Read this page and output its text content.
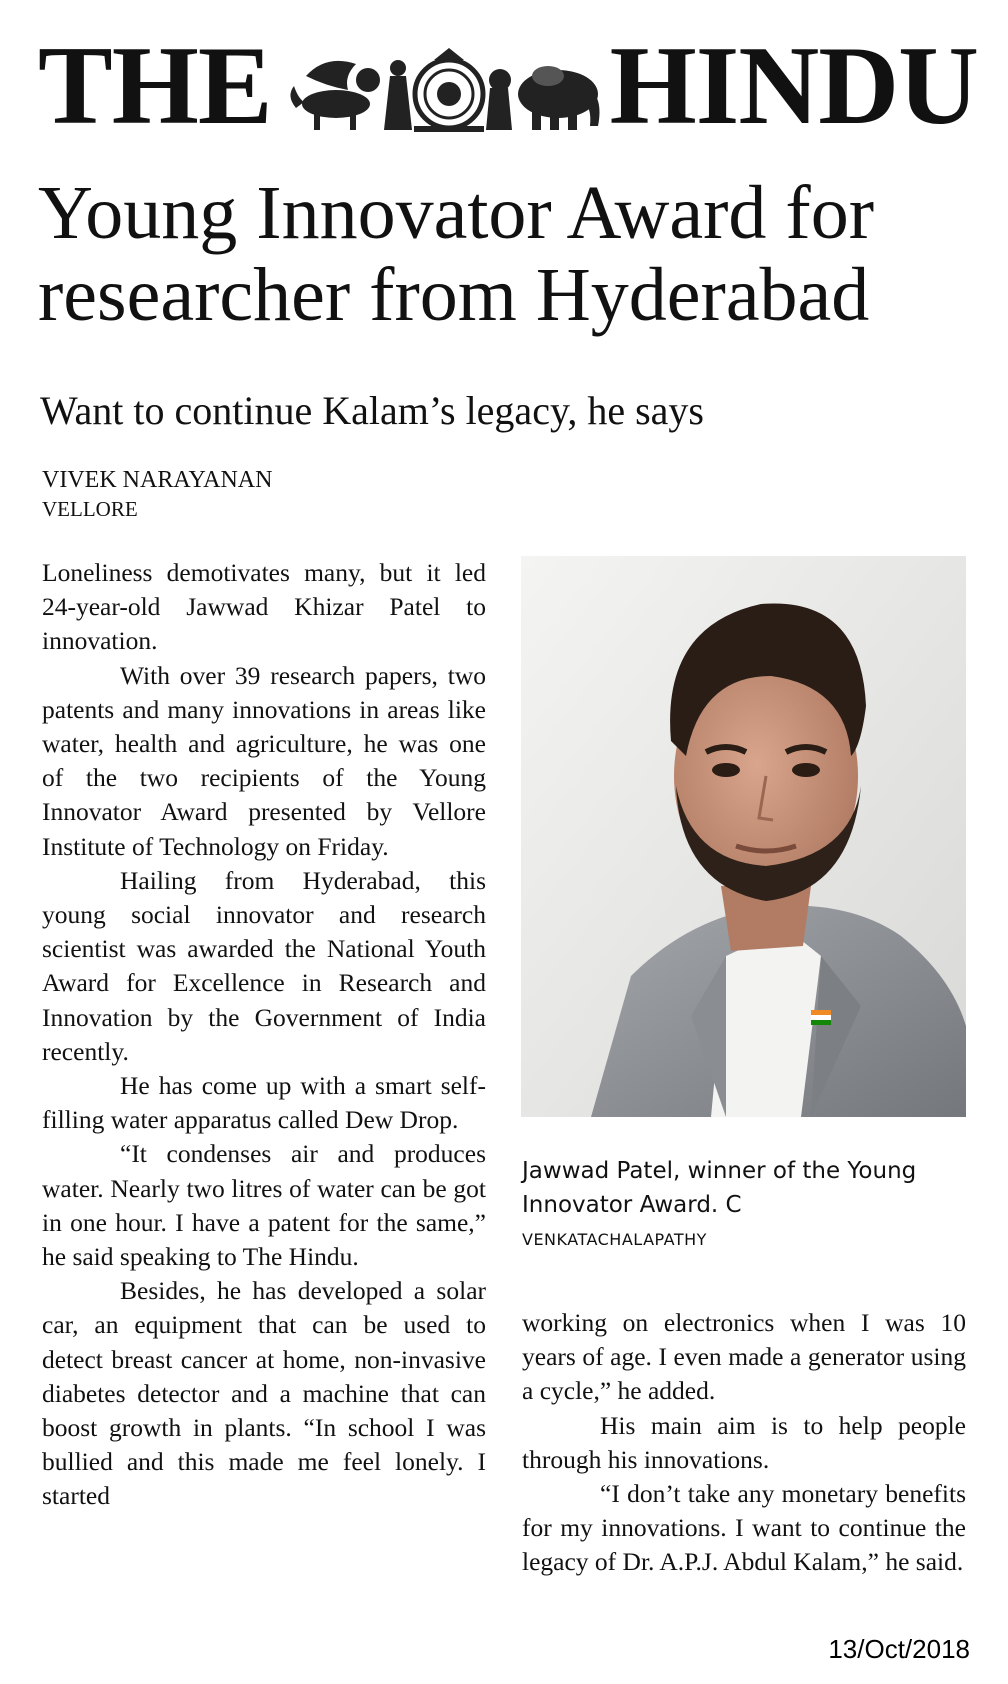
THE	HINDU
Young Innovator Award for researcher from Hyderabad
Want to continue Kalam’s legacy, he says
VIVEK NARAYANAN
VELLORE

Loneliness demotivates many, but it led 24-year-old Jawwad Khizar Patel to innovation.

With over 39 research papers, two patents and many innovations in areas like water, health and agriculture, he was one of the two recipients of the Young Innovator Award presented by Vellore Institute of Technology on Friday.

Hailing from Hyderabad, this young social innovator and research scientist was awarded the National Youth Award for Excellence in Research and Innovation by the Government of India recently.

He has come up with a smart self-filling water apparatus called Dew Drop.

“It condenses air and produces water. Nearly two litres of water can be got in one hour. I have a patent for the same,” he said speaking to The Hindu.

Besides, he has developed a solar car, an equipment that can be used to detect breast cancer at home, non-invasive diabetes detector and a machine that can boost growth in plants. “In school I was bullied and this made me feel lonely. I started

Jawwad Patel, winner of the Young Innovator Award. C
VENKATACHALAPATHY

working on electronics when I was 10 years of age. I even made a generator using a cycle,” he added.

His main aim is to help people through his innovations.

“I don’t take any monetary benefits for my innovations. I want to continue the legacy of Dr. A.P.J. Abdul Kalam,” he said.

13/Oct/2018
